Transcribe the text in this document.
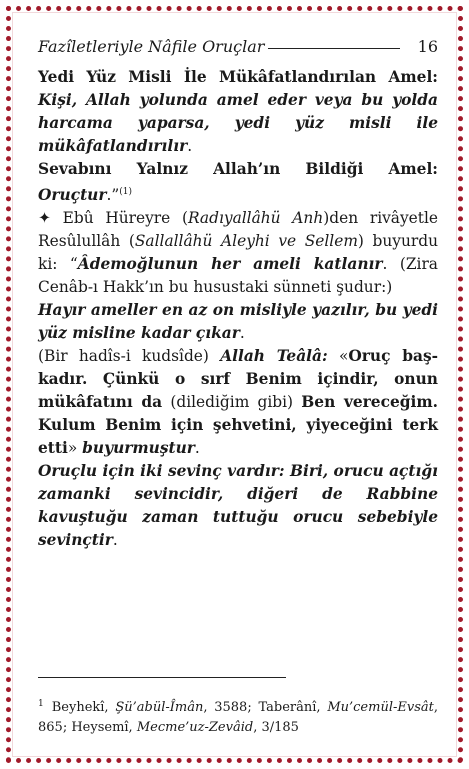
Fazîletleriyle Nâfile Oruçlar	16

Yedi Yüz Misli İle Mükâfatlandırılan Amel: Kişi, Allah yolunda amel eder veya bu yolda harcama yaparsa, yedi yüz misli ile mükâfatlandırılır.

Sevabını Yalnız Allah’ın Bildiği Amel: Oruçtur.”$^{(1)}$

✦ Ebû Hüreyre (Radıyallâhü Anh)den rivâyetle Resûlullâh (Sallallâhü Aleyhi ve Sellem) buyurdu ki: “Âdemoğlunun her ameli katlanır. (Zira Cenâb-ı Hakk’ın bu husustaki sünneti şudur:)

Hayır ameller en az on misliyle yazılır, bu yedi yüz misline kadar çıkar.

(Bir hadîs-i kudsîde) Allah Teâlâ: «Oruç başkadır. Çünkü o sırf Benim içindir, onun mükâfatını da (dilediğim gibi) Ben vereceğim. Kulum Benim için şehvetini, yiyeceğini terk etti» buyurmuştur.

Oruçlu için iki sevinç vardır: Biri, orucu açtığı zamanki sevincidir, diğeri de Rabbine kavuştuğu zaman tuttuğu orucu sebebiyle sevinçtir.

$^1$ Beyhekî, Şü’abül-Îmân, 3588; Taberânî, Mu’cemül-Evsât, 865; Heysemî, Mecme’uz-Zevâid, 3/185
